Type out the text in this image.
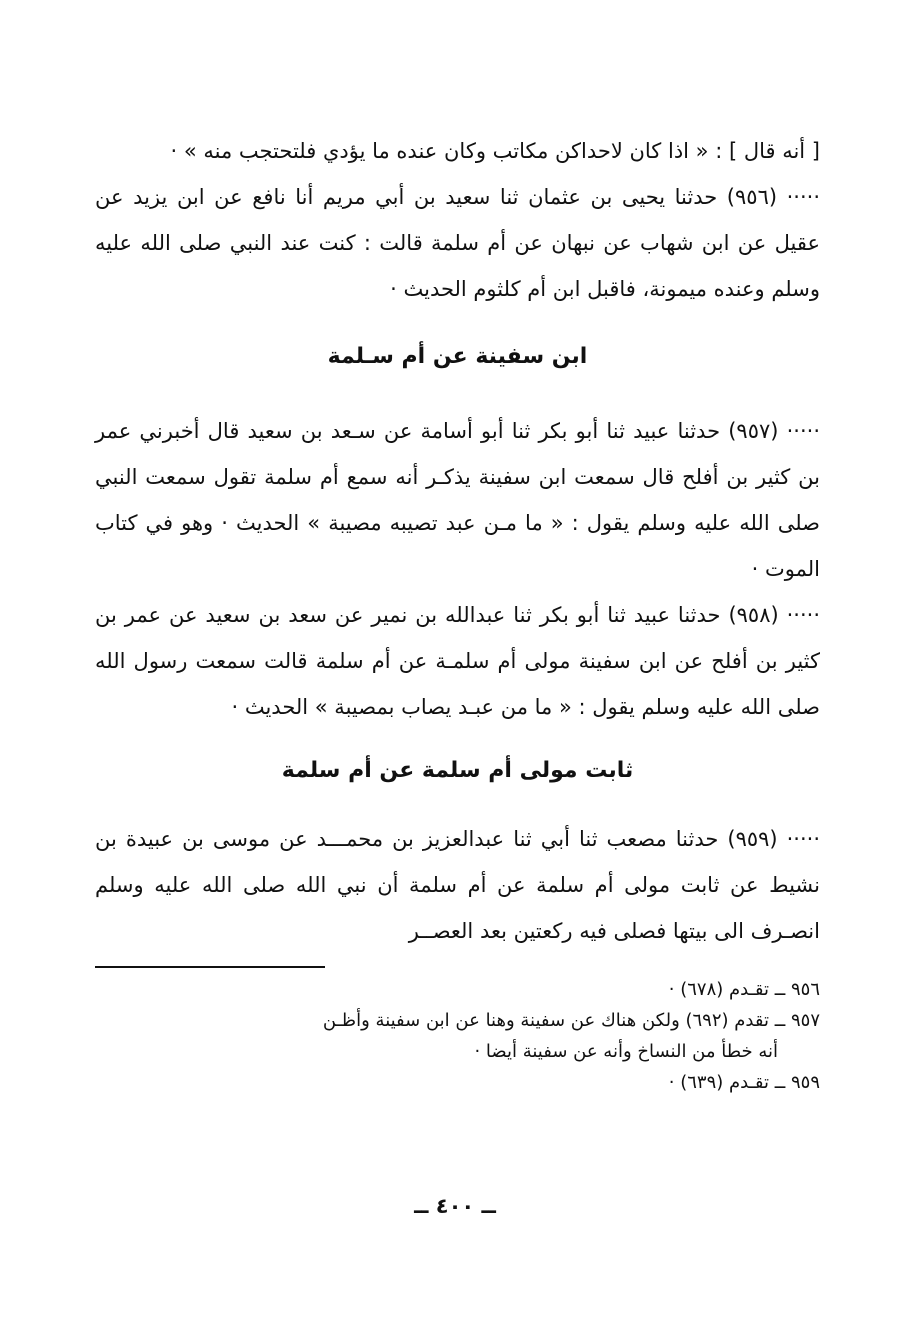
[ أنه قال ] : « اذا كان لاحداكن مكاتب وكان عنده ما يؤدي فلتحتجب منه » ·

····· (٩٥٦) حدثنا يحيى بن عثمان ثنا سعيد بن أبي مريم أنا نافع عن ابن يزيد عن عقيل عن ابن شهاب عن نبهان عن أم سلمة قالت : كنت عند النبي صلى الله عليه وسلم وعنده ميمونة، فاقبل ابن أم كلثوم الحديث ·

ابن سفينة عن أم سـلمة

····· (٩٥٧) حدثنا عبيد ثنا أبو بكر ثنا أبو أسامة عن سـعد بن سعيد قال أخبرني عمر بن كثير بن أفلح قال سمعت ابن سفينة يذكـر أنه سمع أم سلمة تقول سمعت النبي صلى الله عليه وسلم يقول : « ما مـن عبد تصيبه مصيبة » الحديث · وهو في كتاب الموت ·

····· (٩٥٨) حدثنا عبيد ثنا أبو بكر ثنا عبدالله بن نمير عن سعد بن سعيد عن عمر بن كثير بن أفلح عن ابن سفينة مولى أم سلمـة عن أم سلمة قالت سمعت رسول الله صلى الله عليه وسلم يقول : « ما من عبـد يصاب بمصيبة » الحديث ·

ثابت مولى أم سلمة عن أم سلمة

····· (٩٥٩) حدثنا مصعب ثنا أبي ثنا عبدالعزيز بن محمـــد عن موسى بن عبيدة بن نشيط عن ثابت مولى أم سلمة عن أم سلمة أن نبي الله صلى الله عليه وسلم انصـرف الى بيتها فصلى فيه ركعتين بعد العصــر

٩٥٦ ــ تقـدم (٦٧٨) ·

٩٥٧ ــ تقدم (٦٩٢) ولكن هناك عن سفينة وهنا عن ابن سفينة وأظـن

أنه خطأ من النساخ وأنه عن سفينة أيضا ·

٩٥٩ ــ تقـدم (٦٣٩) ·

ــ ٤٠٠ ــ
